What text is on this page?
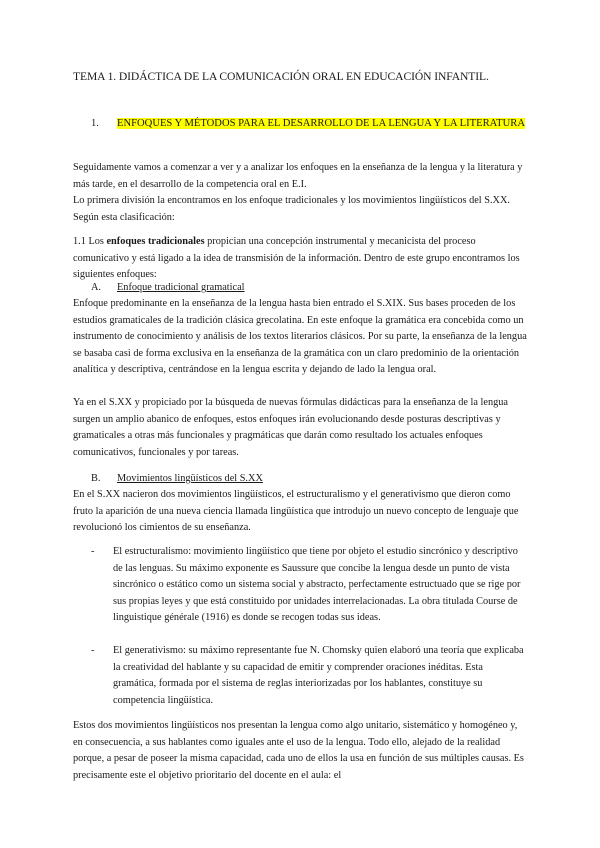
TEMA 1. DIDÁCTICA DE LA COMUNICACIÓN ORAL EN EDUCACIÓN INFANTIL.
1. ENFOQUES Y MÉTODOS PARA EL DESARROLLO DE LA LENGUA Y LA LITERATURA
Seguidamente vamos a comenzar a ver y a analizar los enfoques en la enseñanza de la lengua y la literatura y más tarde, en el desarrollo de la competencia oral en E.I.
Lo primera división la encontramos en los enfoque tradicionales y los movimientos lingüísticos del S.XX. Según esta clasificación:
1.1 Los enfoques tradicionales propician una concepción instrumental y mecanicista del proceso comunicativo y está ligado a la idea de transmisión de la información. Dentro de este grupo encontramos los siguientes enfoques:
A. Enfoque tradicional gramatical
Enfoque predominante en la enseñanza de la lengua hasta bien entrado el S.XIX. Sus bases proceden de los estudios gramaticales de la tradición clásica grecolatina. En este enfoque la gramática era concebida como un instrumento de conocimiento y análisis de los textos literarios clásicos. Por su parte, la enseñanza de la lengua se basaba casi de forma exclusiva en la enseñanza de la gramática con un claro predominio de la orientación analítica y descriptiva, centrándose en la lengua escrita y dejando de lado la lengua oral.
Ya en el S.XX y propiciado por la búsqueda de nuevas fórmulas didácticas para la enseñanza de la lengua surgen un amplio abanico de enfoques, estos enfoques irán evolucionando desde posturas descriptivas y gramaticales a otras más funcionales y pragmáticas que darán como resultado los actuales enfoques comunicativos, funcionales y por tareas.
B. Movimientos lingüísticos del S.XX
En el S.XX nacieron dos movimientos lingüísticos, el estructuralismo y el generativismo que dieron como fruto la aparición de una nueva ciencia llamada lingüística que introdujo un nuevo concepto de lenguaje que revolucionó los cimientos de su enseñanza.
- El estructuralismo: movimiento lingüístico que tiene por objeto el estudio sincrónico y descriptivo de las lenguas. Su máximo exponente es Saussure que concibe la lengua desde un punto de vista sincrónico o estático como un sistema social y abstracto, perfectamente estructuado que se rige por sus propias leyes y que está constituido por unidades interrelacionadas. La obra titulada Course de linguistique générale (1916) es donde se recogen todas sus ideas.
- El generativismo: su máximo representante fue N. Chomsky quien elaboró una teoría que explicaba la creatividad del hablante y su capacidad de emitir y comprender oraciones inéditas. Esta gramática, formada por el sistema de reglas interiorizadas por los hablantes, constituye su competencia lingüística.
Estos dos movimientos lingüísticos nos presentan la lengua como algo unitario, sistemático y homogéneo y, en consecuencia, a sus hablantes como iguales ante el uso de la lengua. Todo ello, alejado de la realidad porque, a pesar de poseer la misma capacidad, cada uno de ellos la usa en función de sus múltiples causas. Es precisamente este el objetivo prioritario del docente en el aula: el
